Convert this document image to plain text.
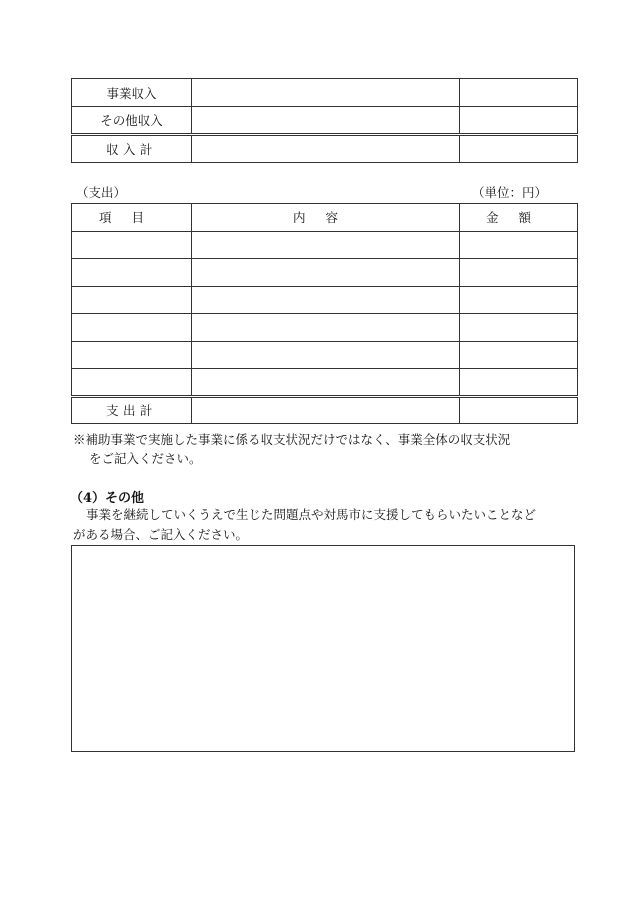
事業収入		
その他収入		
収入計		
（支出）	（単位：円）
項目	内容	金額

支出計		
※補助事業で実施した事業に係る収支状況だけではなく、事業全体の収支状況
をご記入ください。
（4）その他
事業を継続していくうえで生じた問題点や対馬市に支援してもらいたいことなど
がある場合、ご記入ください。
